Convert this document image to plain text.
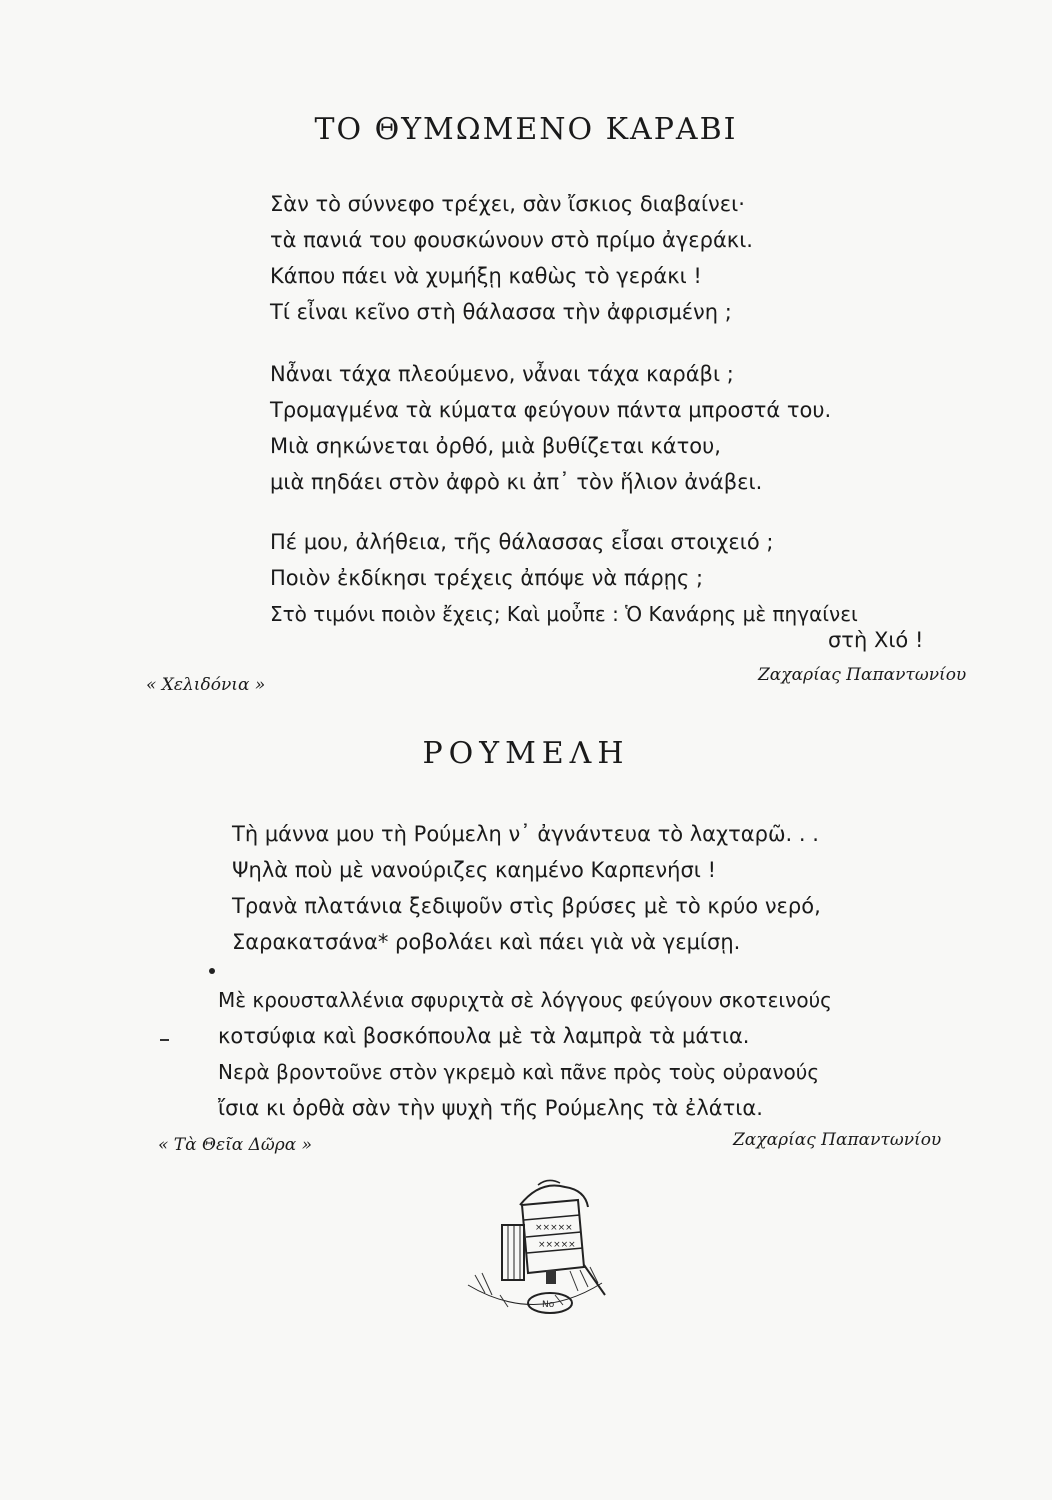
ΤΟ ΘΥΜΩΜΕΝΟ ΚΑΡΑΒΙ
Σὰν τὸ σύννεφο τρέχει, σὰν ἴσκιος διαβαίνει·
τὰ πανιά του φουσκώνουν στὸ πρίμο ἀγεράκι.
Κάπου πάει νὰ χυμήξῃ καθὼς τὸ γεράκι !
Τί εἶναι κεῖνο στὴ θάλασσα τὴν ἀφρισμένη ;
Νἆναι τάχα πλεούμενο, νἆναι τάχα καράβι ;
Τρομαγμένα τὰ κύματα φεύγουν πάντα μπροστά του.
Μιὰ σηκώνεται ὀρθό, μιὰ βυθίζεται κάτου,
μιὰ πηδάει στὸν ἀφρὸ κι ἀπ᾽ τὸν ἥλιον ἀνάβει.
Πέ μου, ἀλήθεια, τῆς θάλασσας εἶσαι στοιχειό ;
Ποιὸν ἐκδίκησι τρέχεις ἀπόψε νὰ πάρῃς ;
Στὸ τιμόνι ποιὸν ἔχεις; Καὶ μοὖπε : Ὁ Κανάρης μὲ πηγαίνει
στὴ Χιό !
« Χελιδόνια »	Ζαχαρίας Παπαντωνίου
ΡΟΥΜΕΛΗ
Τὴ μάννα μου τὴ Ρούμελη ν᾽ ἀγνάντευα τὸ λαχταρῶ. . .
Ψηλὰ ποὺ μὲ νανούριζες καημένο Καρπενήσι !
Τρανὰ πλατάνια ξεδιψοῦν στὶς βρύσες μὲ τὸ κρύο νερό,
Σαρακατσάνα* ροβολάει καὶ πάει γιὰ νὰ γεμίσῃ.
Μὲ κρουσταλλένια σφυριχτὰ σὲ λόγγους φεύγουν σκοτεινούς
κοτσύφια καὶ βοσκόπουλα μὲ τὰ λαμπρὰ τὰ μάτια.
Νερὰ βροντοῦνε στὸν γκρεμὸ καὶ πᾶνε πρὸς τοὺς οὐρανούς
ἴσια κι ὀρθὰ σὰν τὴν ψυχὴ τῆς Ρούμελης τὰ ἐλάτια.
« Τὰ Θεῖα Δῶρα »	Ζαχαρίας Παπαντωνίου
×××××
×××××
Νο
